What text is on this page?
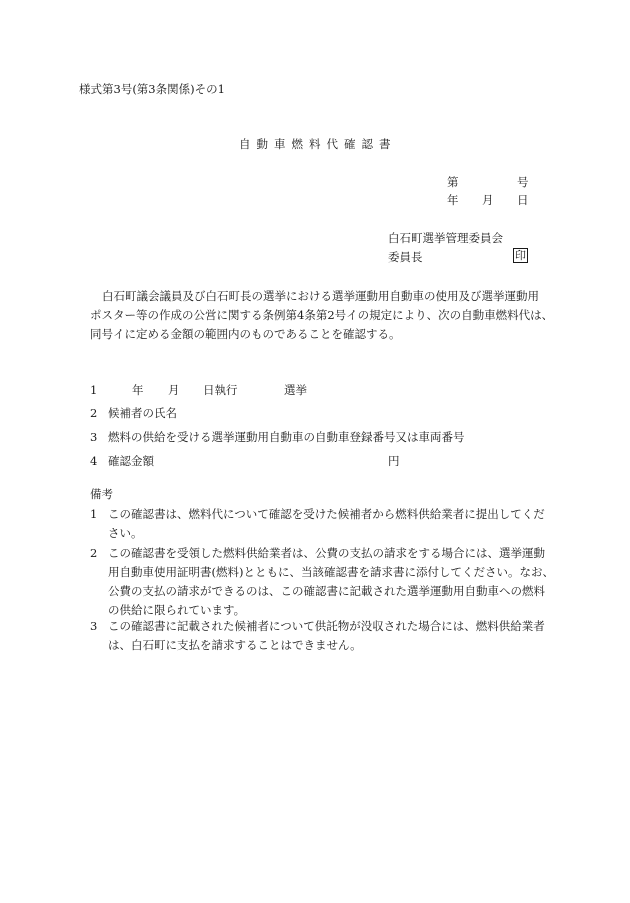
様式第3号(第3条関係)その1
自動車燃料代確認書
第	号
年 月 日
白石町選挙管理委員会
委員長	印
白石町議会議員及び白石町長の選挙における選挙運動用自動車の使用及び選挙運動用
ポスター等の作成の公営に関する条例第4条第2号イの規定により、次の自動車燃料代は、
同号イに定める金額の範囲内のものであることを確認する。
1	年 月 日執行	選挙
2 候補者の氏名
3 燃料の供給を受ける選挙運動用自動車の自動車登録番号又は車両番号
4 確認金額	円
備考
1 この確認書は、燃料代について確認を受けた候補者から燃料供給業者に提出してくだ
さい。
2 この確認書を受領した燃料供給業者は、公費の支払の請求をする場合には、選挙運動
用自動車使用証明書(燃料)とともに、当該確認書を請求書に添付してください。なお、
公費の支払の請求ができるのは、この確認書に記載された選挙運動用自動車への燃料
の供給に限られています。
3 この確認書に記載された候補者について供託物が没収された場合には、燃料供給業者
は、白石町に支払を請求することはできません。
